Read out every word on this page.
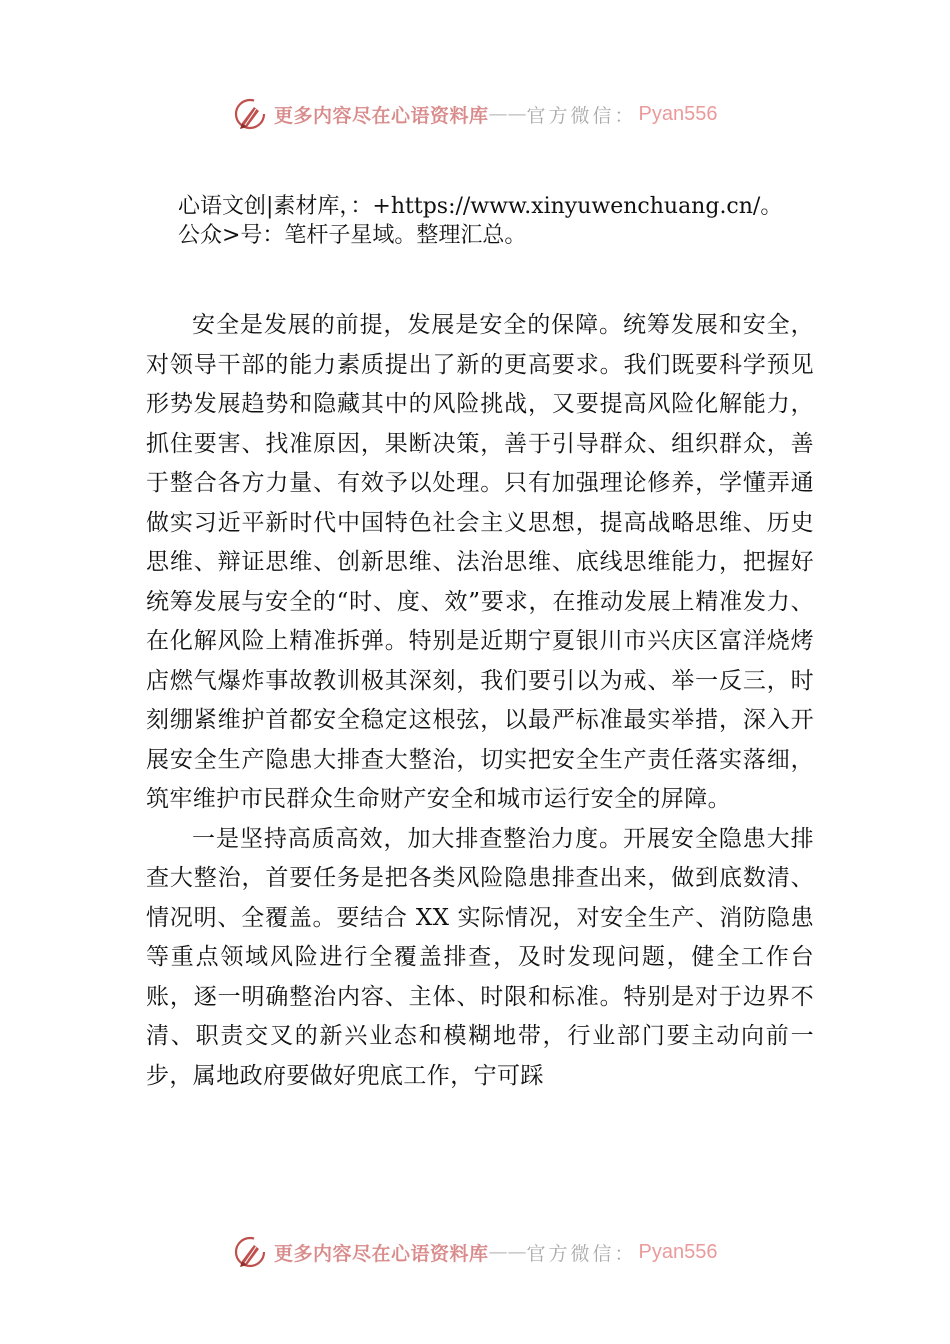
更多内容尽在心语资料库 —— 官方微信： Pyan556
心语文创|素材库，：+https://www.xinyuwenchuang.cn/。
公众>号：笔杆子星域。整理汇总。

安全是发展的前提，发展是安全的保障。统筹发展和安全，对领导干部的能力素质提出了新的更高要求。我们既要科学预见形势发展趋势和隐藏其中的风险挑战，又要提高风险化解能力，抓住要害、找准原因，果断决策，善于引导群众、组织群众，善于整合各方力量、有效予以处理。只有加强理论修养，学懂弄通做实习近平新时代中国特色社会主义思想，提高战略思维、历史思维、辩证思维、创新思维、法治思维、底线思维能力，把握好统筹发展与安全的“时、度、效”要求，在推动发展上精准发力、在化解风险上精准拆弹。特别是近期宁夏银川市兴庆区富洋烧烤店燃气爆炸事故教训极其深刻，我们要引以为戒、举一反三，时刻绷紧维护首都安全稳定这根弦，以最严标准最实举措，深入开展安全生产隐患大排查大整治，切实把安全生产责任落实落细，筑牢维护市民群众生命财产安全和城市运行安全的屏障。

一是坚持高质高效，加大排查整治力度。开展安全隐患大排查大整治，首要任务是把各类风险隐患排查出来，做到底数清、情况明、全覆盖。要结合 XX 实际情况，对安全生产、消防隐患等重点领域风险进行全覆盖排查，及时发现问题，健全工作台账，逐一明确整治内容、主体、时限和标准。特别是对于边界不清、职责交叉的新兴业态和模糊地带，行业部门要主动向前一步，属地政府要做好兜底工作，宁可踩

更多内容尽在心语资料库 —— 官方微信： Pyan556
